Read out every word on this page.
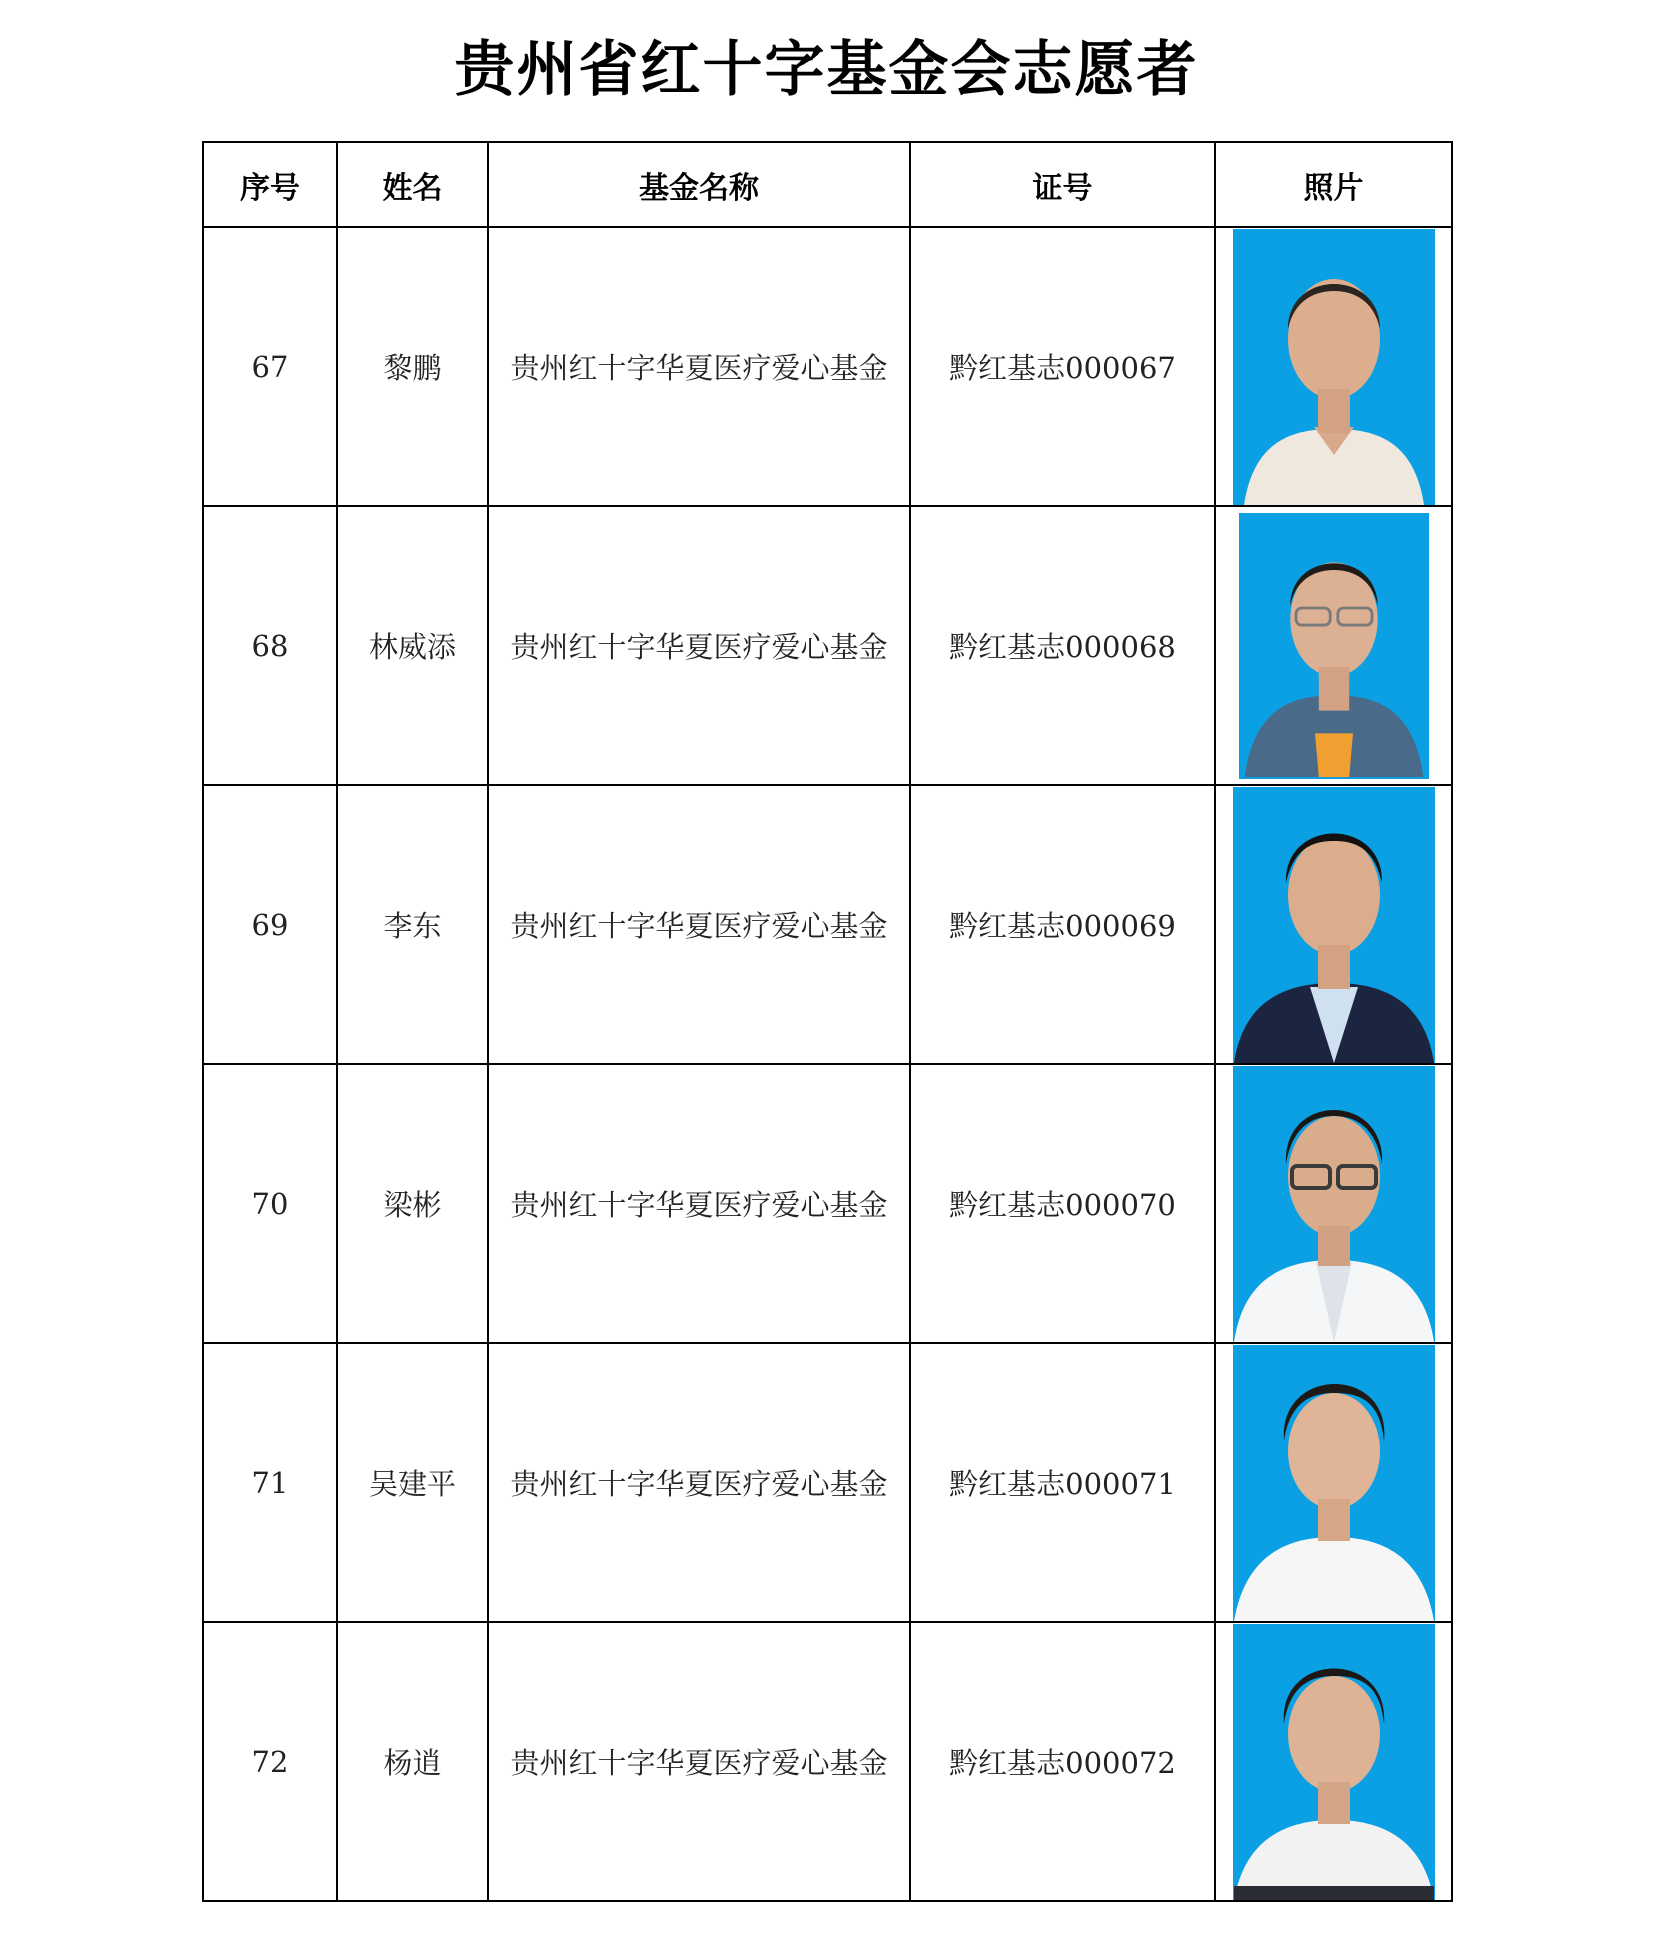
贵州省红十字基金会志愿者
序号	姓名	基金名称	证号	照片
67	黎鹏	贵州红十字华夏医疗爱心基金	黔红基志000067	

68	林威添	贵州红十字华夏医疗爱心基金	黔红基志000068	

69	李东	贵州红十字华夏医疗爱心基金	黔红基志000069	

70	梁彬	贵州红十字华夏医疗爱心基金	黔红基志000070	

71	吴建平	贵州红十字华夏医疗爱心基金	黔红基志000071	

72	杨逍	贵州红十字华夏医疗爱心基金	黔红基志000072	
